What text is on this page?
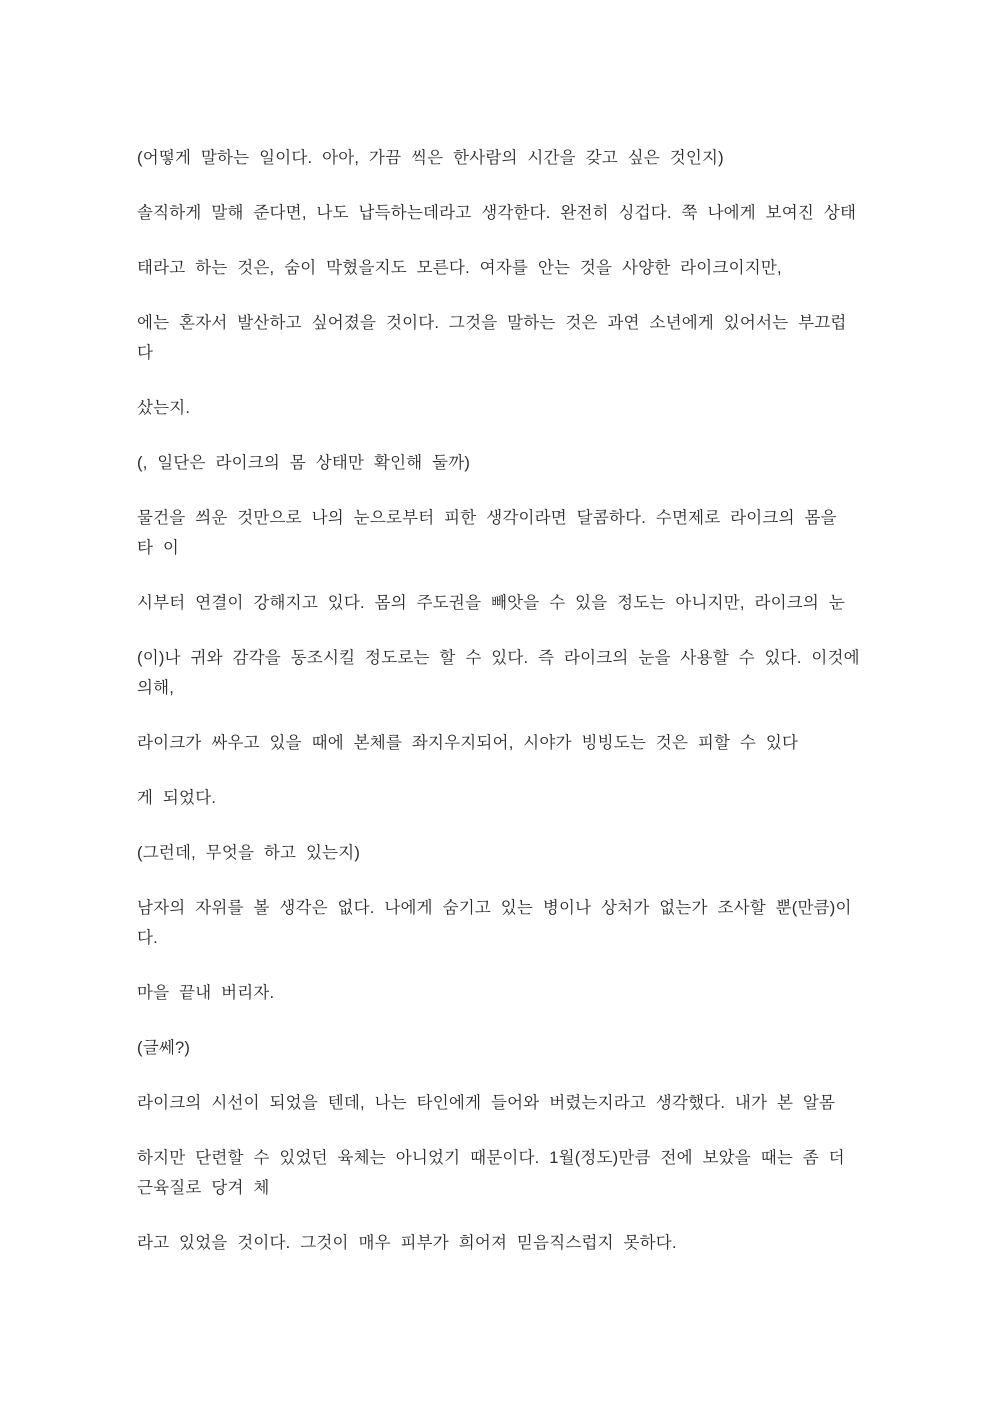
(어떻게 말하는 일이다. 아아, 가끔 씩은 한사람의 시간을 갖고 싶은 것인지)
솔직하게 말해 준다면, 나도 납득하는데라고 생각한다. 완전히 싱겁다. 쭉 나에게 보여진 상태
태라고 하는 것은, 숨이 막혔을지도 모른다. 여자를 안는 것을 사양한 라이크이지만,
에는 혼자서 발산하고 싶어졌을 것이다. 그것을 말하는 것은 과연 소년에게 있어서는 부끄럽
다
샀는지.
(, 일단은 라이크의 몸 상태만 확인해 둘까)
물건을 씌운 것만으로 나의 눈으로부터 피한 생각이라면 달콤하다. 수면제로 라이크의 몸을
타 이
시부터 연결이 강해지고 있다. 몸의 주도권을 빼앗을 수 있을 정도는 아니지만, 라이크의 눈
(이)나 귀와 감각을 동조시킬 정도로는 할 수 있다. 즉 라이크의 눈을 사용할 수 있다. 이것에
의해,
라이크가 싸우고 있을 때에 본체를 좌지우지되어, 시야가 빙빙도는 것은 피할 수 있다
게 되었다.
(그런데, 무엇을 하고 있는지)
남자의 자위를 볼 생각은 없다. 나에게 숨기고 있는 병이나 상처가 없는가 조사할 뿐(만큼)이
다.
마을 끝내 버리자.
(글쎄?)
라이크의 시선이 되었을 텐데, 나는 타인에게 들어와 버렸는지라고 생각했다. 내가 본 알몸
하지만 단련할 수 있었던 육체는 아니었기 때문이다. 1월(정도)만큼 전에 보았을 때는 좀 더
근육질로 당겨 체
라고 있었을 것이다. 그것이 매우 피부가 희어져 믿음직스럽지 못하다.
